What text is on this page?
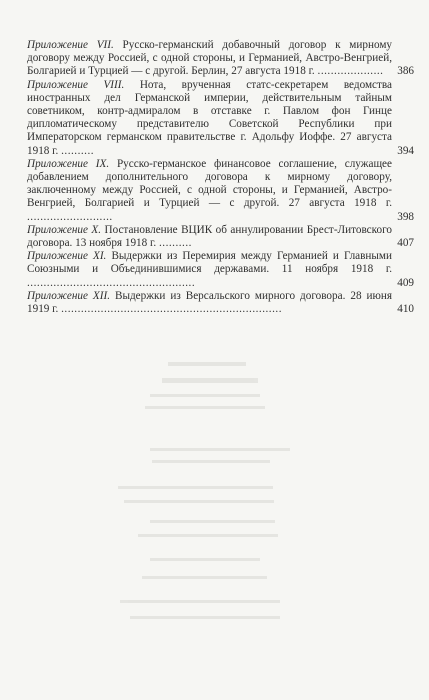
Приложение VII. Русско-германский добавочный договор к мирному договору между Россией, с одной стороны, и Германией, Австро-Венгрией, Болгарией и Турцией — с другой. Берлин, 27 августа 1918 г. ....................	386
Приложение VIII. Нота, врученная статс-секретарем ведомства иностранных дел Германской империи, действительным тайным советником, контр-адмиралом в отставке г. Павлом фон Гинце дипломатическому представителю Советской Республики при Императорском германском правительстве г. Адольфу Иоффе. 27 августа 1918 г. ..........	394
Приложение IX. Русско-германское финансовое соглашение, служащее добавлением дополнительного договора к мирному договору, заключенному между Россией, с одной стороны, и Германией, Австро-Венгрией, Болгарией и Турцией — с другой. 27 августа 1918 г. ..........................	398
Приложение X. Постановление ВЦИК об аннулировании Брест-Литовского договора. 13 ноября 1918 г. ..........	407
Приложение XI. Выдержки из Перемирия между Германией и Главными Союзными и Объединившимися державами. 11 ноября 1918 г. ...................................................	409
Приложение XII. Выдержки из Версальского мирного договора. 28 июня 1919 г. ...................................................................	410
